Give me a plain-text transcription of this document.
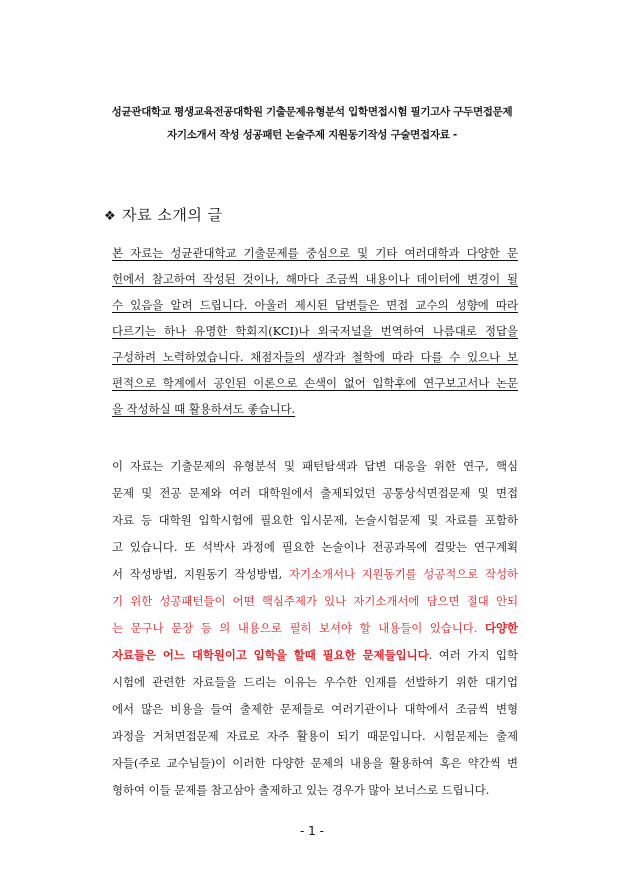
성균관대학교 평생교육전공대학원 기출문제유형분석 입학면접시험 필기고사 구두면접문제
자기소개서 작성 성공패턴 논술주제 지원동기작성 구술면접자료 -
❖ 자료 소개의 글
본 자료는 성균관대학교 기출문제를 중심으로 및 기타 여러대학과 다양한 문
헌에서 참고하여 작성된 것이나, 해마다 조금씩 내용이나 데이터에 변경이 될
수 있음을 알려 드립니다. 아울러 제시된 답변들은 면접 교수의 성향에 따라
다르기는 하나 유명한 학회지(KCI)나 외국저널을 번역하여 나름대로 정답을
구성하려 노력하였습니다. 채점자들의 생각과 철학에 따라 다를 수 있으나 보
편적으로 학계에서 공인된 이론으로 손색이 없어 입학후에 연구보고서나 논문
을 작성하실 때 활용하셔도 좋습니다.
이 자료는 기출문제의 유형분석 및 패턴탐색과 답변 대응을 위한 연구, 핵심
문제 및 전공 문제와 여러 대학원에서 출제되었던 공통상식면접문제 및 면접
자료 등 대학원 입학시험에 필요한 입시문제, 논술시험문제 및 자료를 포함하
고 있습니다. 또 석박사 과정에 필요한 논술이나 전공과목에 걸맞는 연구계획
서 작성방법, 지원동기 작성방법, 자기소개서나 지원동기를 성공적으로 작성하
기 위한 성공패턴들이 어떤 핵심주제가 있나 자기소개서에 담으면 절대 안되
는 문구나 문장 등 의 내용으로 필히 보셔야 할 내용들이 있습니다. 다양한
자료들은 어느 대학원이고 입학을 할때 필요한 문제들입니다. 여러 가지 입학
시험에 관련한 자료들을 드리는 이유는 우수한 인재를 선발하기 위한 대기업
에서 많은 비용을 들여 출제한 문제들로 여러기관이나 대학에서 조금씩 변형
과정을 거쳐면접문제 자료로 자주 활용이 되기 때문입니다. 시험문제는 출제
자들(주로 교수님들)이 이러한 다양한 문제의 내용을 활용하여 혹은 약간씩 변
형하여 이들 문제를 참고삼아 출제하고 있는 경우가 많아 보너스로 드립니다.
- 1 -
